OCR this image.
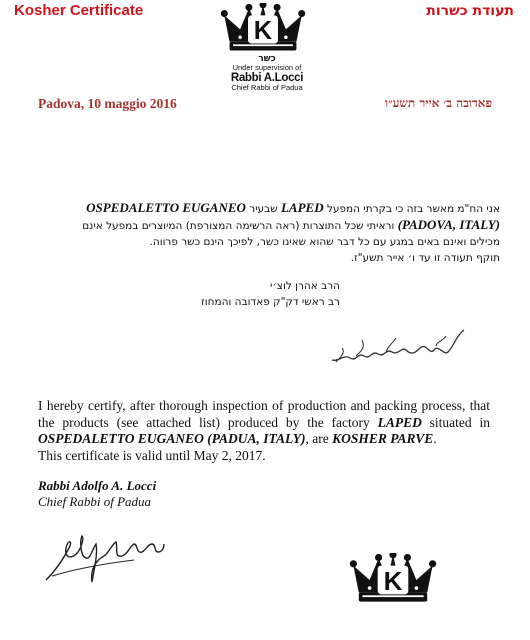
Kosher Certificate	תעודת כשרות
K
כשר
Under supervision of
Rabbi A.Locci
Chief Rabbi of Padua
Padova, 10 maggio 2016	פאדובה ב׳ אייר תשע״ו

אני הח"מ מאשר בזה כי בקרתי המפעל LAPED שבעיר OSPEDALETTO EUGANEO

(PADOVA, ITALY) וראיתי שכל התוצרות (ראה הרשימה המצורפת) המיוצרים במפעל אינם

מכילים ואינם באים במגע עם כל דבר שהוא שאינו כשר, לפיכך הינם כשר פרווה.

תוקף תעודה זו עד ו׳ אייר תשע"ז.

הרב אהרן לוצ׳י

רב ראשי דק"ק פאדובה והמחוז

I hereby certify, after thorough inspection of production and packing process, that the products (see attached list) produced by the factory LAPED situated in OSPEDALETTO EUGANEO (PADUA, ITALY), are KOSHER PARVE.

This certificate is valid until May 2, 2017.

Rabbi Adolfo A. Locci
Chief Rabbi of Padua
K
